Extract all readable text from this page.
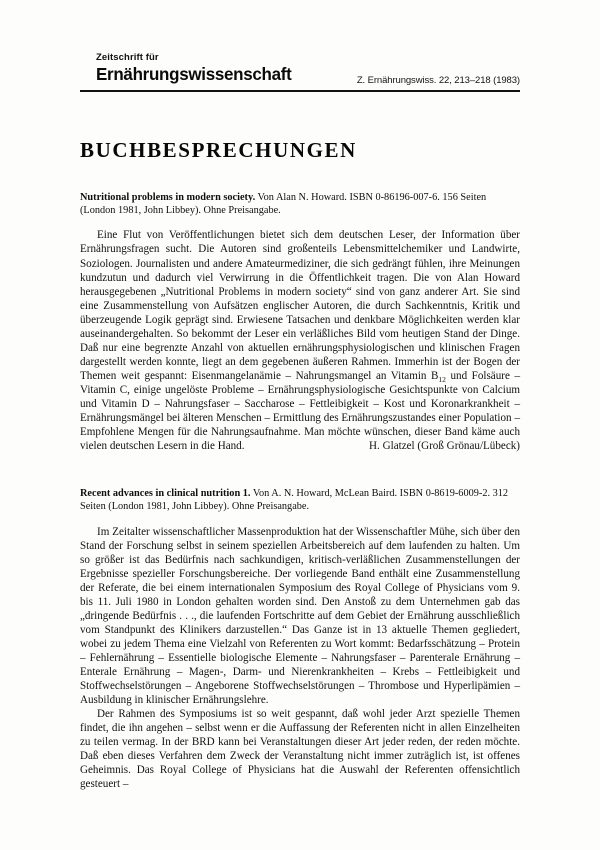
Zeitschrift für
Ernährungswissenschaft	Z. Ernährungswiss. 22, 213–218 (1983)
BUCHBESPRECHUNGEN
Nutritional problems in modern society. Von Alan N. Howard. ISBN 0-86196-007-6. 156 Seiten (London 1981, John Libbey). Ohne Preisangabe.

Eine Flut von Veröffentlichungen bietet sich dem deutschen Leser, der Information über Ernährungsfragen sucht. Die Autoren sind großenteils Lebensmittelchemiker und Landwirte, Soziologen. Journalisten und andere Amateurmediziner, die sich gedrängt fühlen, ihre Meinungen kundzutun und dadurch viel Verwirrung in die Öffentlichkeit tragen. Die von Alan Howard herausgegebenen „Nutritional Problems in modern society“ sind von ganz anderer Art. Sie sind eine Zusammenstellung von Aufsätzen englischer Autoren, die durch Sachkenntnis, Kritik und überzeugende Logik geprägt sind. Erwiesene Tatsachen und denkbare Möglichkeiten werden klar auseinandergehalten. So bekommt der Leser ein verläßliches Bild vom heutigen Stand der Dinge. Daß nur eine begrenzte Anzahl von aktuellen ernährungsphysiologischen und klinischen Fragen dargestellt werden konnte, liegt an dem gegebenen äußeren Rahmen. Immerhin ist der Bogen der Themen weit gespannt: Eisenmangelanämie – Nahrungsmangel an Vitamin $B_{12}$ und Folsäure – Vitamin C, einige ungelöste Probleme – Ernährungsphysiologische Gesichtspunkte von Calcium und Vitamin D – Nahrungsfaser – Saccharose – Fettleibigkeit – Kost und Koronarkrankheit – Ernährungsmängel bei älteren Menschen – Ermittlung des Ernährungszustandes einer Population – Empfohlene Mengen für die Nahrungsaufnahme. Man möchte wünschen, dieser Band käme auch vielen deutschen Lesern in die Hand.	H. Glatzel (Groß Grönau/Lübeck)

Recent advances in clinical nutrition 1. Von A. N. Howard, McLean Baird. ISBN 0-8619-6009-2. 312 Seiten (London 1981, John Libbey). Ohne Preisangabe.

Im Zeitalter wissenschaftlicher Massenproduktion hat der Wissenschaftler Mühe, sich über den Stand der Forschung selbst in seinem speziellen Arbeitsbereich auf dem laufenden zu halten. Um so größer ist das Bedürfnis nach sachkundigen, kritisch-verläßlichen Zusammenstellungen der Ergebnisse spezieller Forschungsbereiche. Der vorliegende Band enthält eine Zusammenstellung der Referate, die bei einem internationalen Symposium des Royal College of Physicians vom 9. bis 11. Juli 1980 in London gehalten worden sind. Den Anstoß zu dem Unternehmen gab das „dringende Bedürfnis . . ., die laufenden Fortschritte auf dem Gebiet der Ernährung ausschließlich vom Standpunkt des Klinikers darzustellen.“ Das Ganze ist in 13 aktuelle Themen gegliedert, wobei zu jedem Thema eine Vielzahl von Referenten zu Wort kommt: Bedarfsschätzung – Protein – Fehlernährung – Essentielle biologische Elemente – Nahrungsfaser – Parenterale Ernährung – Enterale Ernährung – Magen-, Darm- und Nierenkrankheiten – Krebs – Fettleibigkeit und Stoffwechselstörungen – Angeborene Stoffwechselstörungen – Thrombose und Hyperlipämien – Ausbildung in klinischer Ernährungslehre.

Der Rahmen des Symposiums ist so weit gespannt, daß wohl jeder Arzt spezielle Themen findet, die ihn angehen – selbst wenn er die Auffassung der Referenten nicht in allen Einzelheiten zu teilen vermag. In der BRD kann bei Veranstaltungen dieser Art jeder reden, der reden möchte. Daß eben dieses Verfahren dem Zweck der Veranstaltung nicht immer zuträglich ist, ist offenes Geheimnis. Das Royal College of Physicians hat die Auswahl der Referenten offensichtlich gesteuert –
